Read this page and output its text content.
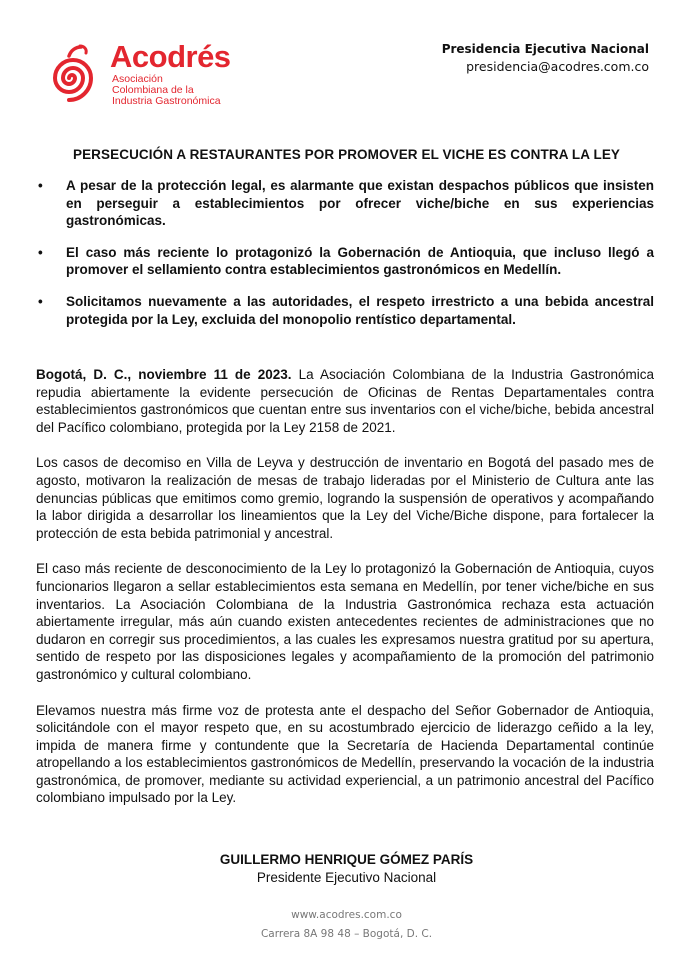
Acodrés
Asociación
Colombiana de la
Industria Gastronómica
Presidencia Ejecutiva Nacional
presidencia@acodres.com.co
PERSECUCIÓN A RESTAURANTES POR PROMOVER EL VICHE ES CONTRA LA LEY
• A pesar de la protección legal, es alarmante que existan despachos públicos que insisten en perseguir a establecimientos por ofrecer viche/biche en sus experiencias gastronómicas.
• El caso más reciente lo protagonizó la Gobernación de Antioquia, que incluso llegó a promover el sellamiento contra establecimientos gastronómicos en Medellín.
• Solicitamos nuevamente a las autoridades, el respeto irrestricto a una bebida ancestral protegida por la Ley, excluida del monopolio rentístico departamental.

Bogotá, D. C., noviembre 11 de 2023. La Asociación Colombiana de la Industria Gastronómica repudia abiertamente la evidente persecución de Oficinas de Rentas Departamentales contra establecimientos gastronómicos que cuentan entre sus inventarios con el viche/biche, bebida ancestral del Pacífico colombiano, protegida por la Ley 2158 de 2021.

Los casos de decomiso en Villa de Leyva y destrucción de inventario en Bogotá del pasado mes de agosto, motivaron la realización de mesas de trabajo lideradas por el Ministerio de Cultura ante las denuncias públicas que emitimos como gremio, logrando la suspensión de operativos y acompañando la labor dirigida a desarrollar los lineamientos que la Ley del Viche/Biche dispone, para fortalecer la protección de esta bebida patrimonial y ancestral.

El caso más reciente de desconocimiento de la Ley lo protagonizó la Gobernación de Antioquia, cuyos funcionarios llegaron a sellar establecimientos esta semana en Medellín, por tener viche/biche en sus inventarios. La Asociación Colombiana de la Industria Gastronómica rechaza esta actuación abiertamente irregular, más aún cuando existen antecedentes recientes de administraciones que no dudaron en corregir sus procedimientos, a las cuales les expresamos nuestra gratitud por su apertura, sentido de respeto por las disposiciones legales y acompañamiento de la promoción del patrimonio gastronómico y cultural colombiano.

Elevamos nuestra más firme voz de protesta ante el despacho del Señor Gobernador de Antioquia, solicitándole con el mayor respeto que, en su acostumbrado ejercicio de liderazgo ceñido a la ley, impida de manera firme y contundente que la Secretaría de Hacienda Departamental continúe atropellando a los establecimientos gastronómicos de Medellín, preservando la vocación de la industria gastronómica, de promover, mediante su actividad experiencial, a un patrimonio ancestral del Pacífico colombiano impulsado por la Ley.

GUILLERMO HENRIQUE GÓMEZ PARÍS
Presidente Ejecutivo Nacional
www.acodres.com.co
Carrera 8A 98 48 – Bogotá, D. C.
